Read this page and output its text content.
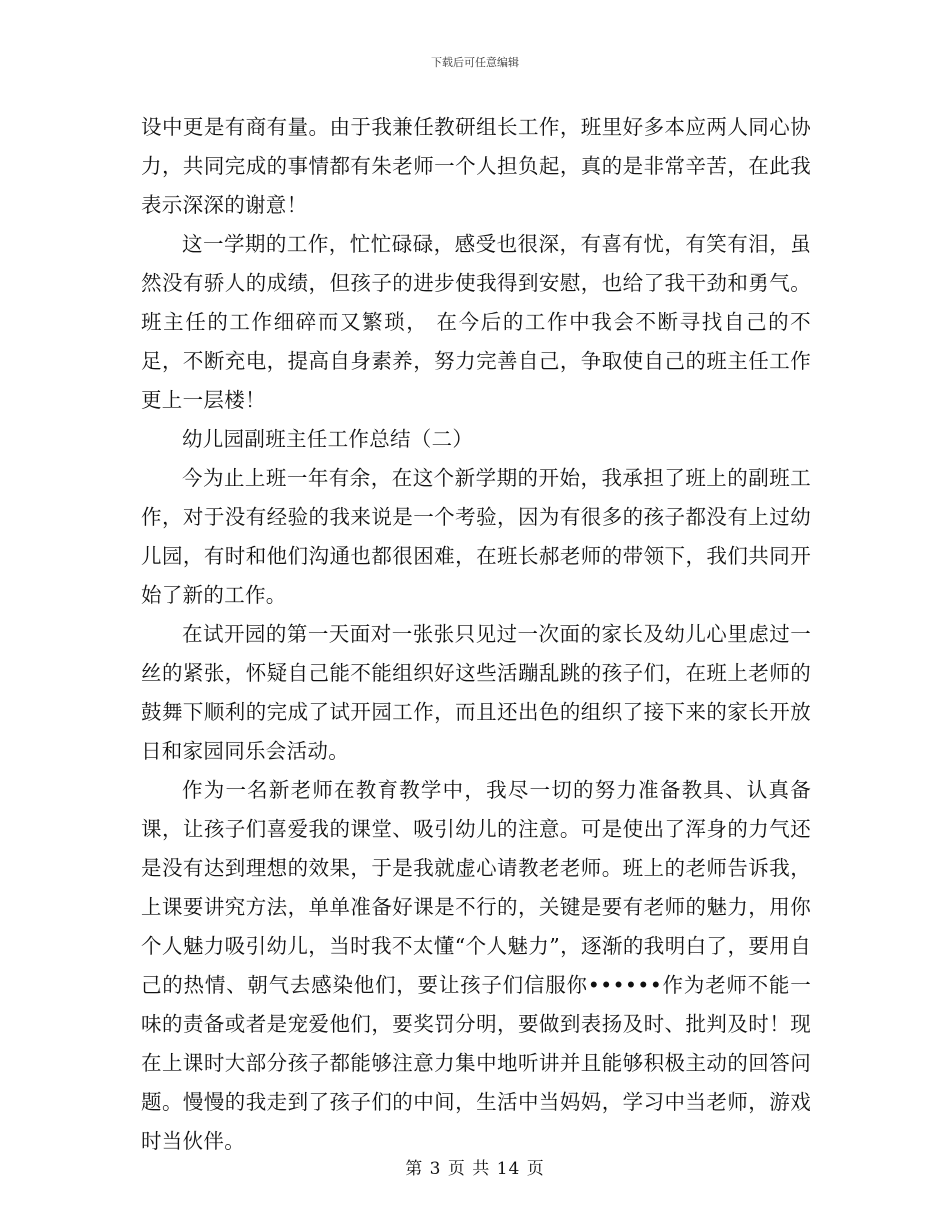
下载后可任意编辑

设中更是有商有量。由于我兼任教研组长工作，班里好多本应两人同心协力，共同完成的事情都有朱老师一个人担负起，真的是非常辛苦，在此我表示深深的谢意！

这一学期的工作，忙忙碌碌，感受也很深，有喜有忧，有笑有泪，虽然没有骄人的成绩，但孩子的进步使我得到安慰，也给了我干劲和勇气。班主任的工作细碎而又繁琐， 在今后的工作中我会不断寻找自己的不足，不断充电，提高自身素养，努力完善自己，争取使自己的班主任工作更上一层楼！

幼儿园副班主任工作总结（二）

今为止上班一年有余，在这个新学期的开始，我承担了班上的副班工作，对于没有经验的我来说是一个考验，因为有很多的孩子都没有上过幼儿园，有时和他们沟通也都很困难，在班长郝老师的带领下，我们共同开始了新的工作。

在试开园的第一天面对一张张只见过一次面的家长及幼儿心里虑过一丝的紧张，怀疑自己能不能组织好这些活蹦乱跳的孩子们，在班上老师的鼓舞下顺利的完成了试开园工作，而且还出色的组织了接下来的家长开放日和家园同乐会活动。

作为一名新老师在教育教学中，我尽一切的努力准备教具、认真备课，让孩子们喜爱我的课堂、吸引幼儿的注意。可是使出了浑身的力气还是没有达到理想的效果，于是我就虚心请教老老师。班上的老师告诉我，上课要讲究方法，单单准备好课是不行的，关键是要有老师的魅力，用你个人魅力吸引幼儿，当时我不太懂“个人魅力”，逐渐的我明白了，要用自己的热情、朝气去感染他们，要让孩子们信服你••••••作为老师不能一味的责备或者是宠爱他们，要奖罚分明，要做到表扬及时、批判及时！现在上课时大部分孩子都能够注意力集中地听讲并且能够积极主动的回答问题。慢慢的我走到了孩子们的中间，生活中当妈妈，学习中当老师，游戏时当伙伴。

第 3 页 共 14 页
